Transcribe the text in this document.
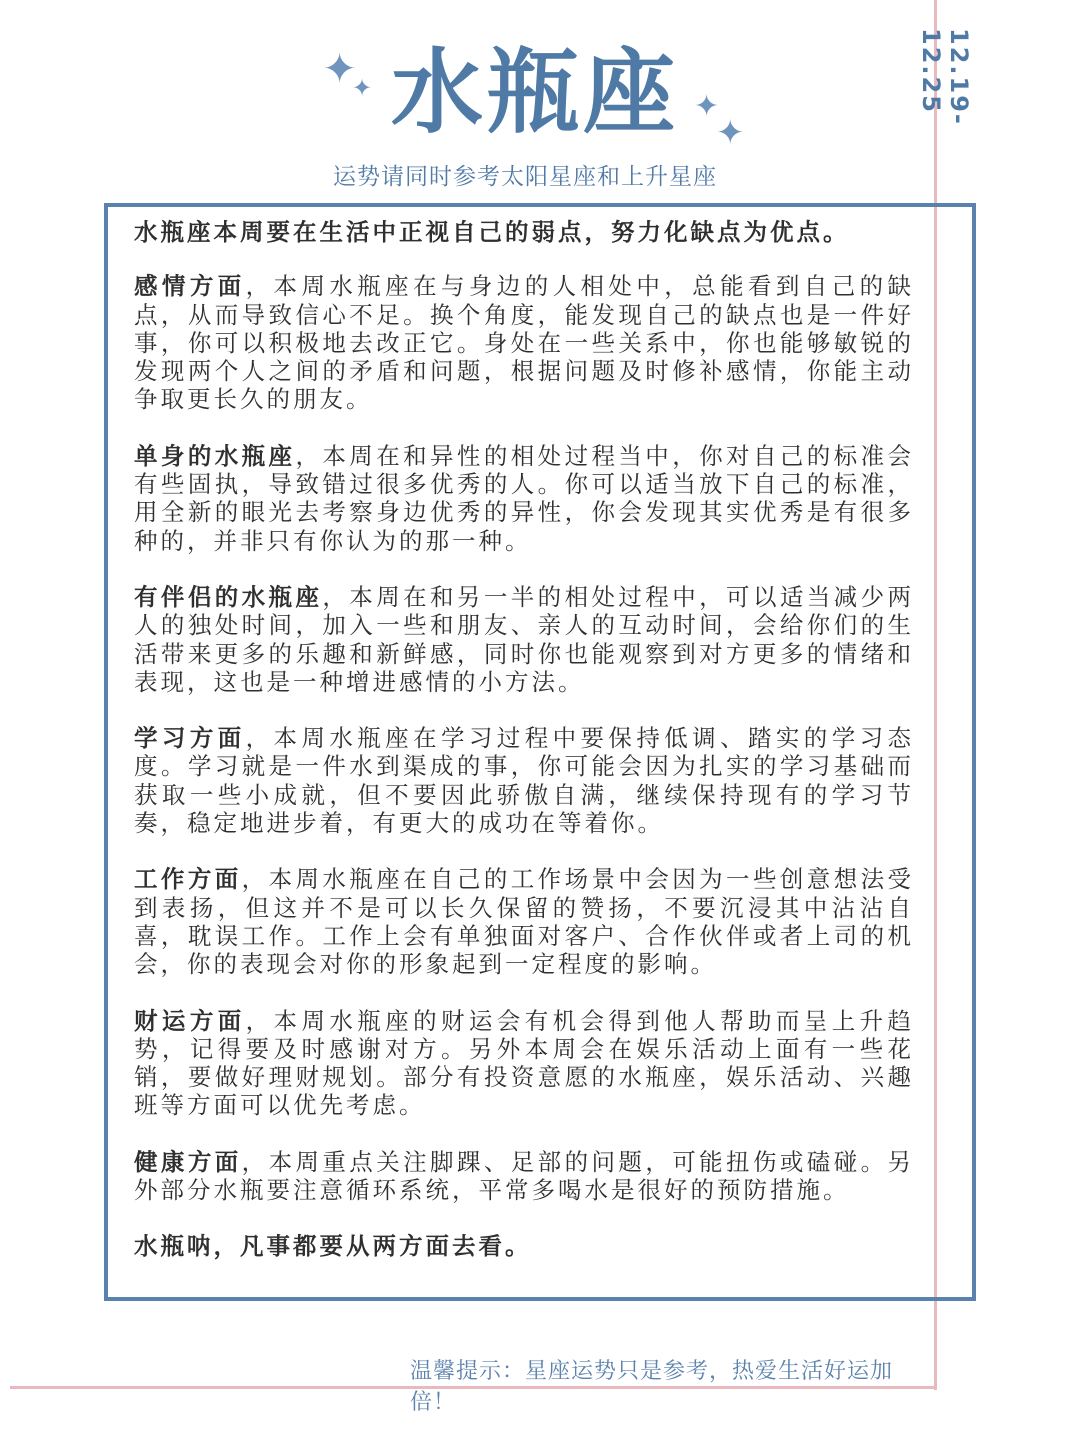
✦
✦
✦
✦
水瓶座
运势请同时参考太阳星座和上升星座
12.19-12.25

水瓶座本周要在生活中正视自己的弱点，努力化缺点为优点。

感情方面，本周水瓶座在与身边的人相处中，总能看到自己的缺点，从而导致信心不足。换个角度，能发现自己的缺点也是一件好事，你可以积极地去改正它。身处在一些关系中，你也能够敏锐的发现两个人之间的矛盾和问题，根据问题及时修补感情，你能主动争取更长久的朋友。

单身的水瓶座，本周在和异性的相处过程当中，你对自己的标准会有些固执，导致错过很多优秀的人。你可以适当放下自己的标准，用全新的眼光去考察身边优秀的异性，你会发现其实优秀是有很多种的，并非只有你认为的那一种。

有伴侣的水瓶座，本周在和另一半的相处过程中，可以适当减少两人的独处时间，加入一些和朋友、亲人的互动时间，会给你们的生活带来更多的乐趣和新鲜感，同时你也能观察到对方更多的情绪和表现，这也是一种增进感情的小方法。

学习方面，本周水瓶座在学习过程中要保持低调、踏实的学习态度。学习就是一件水到渠成的事，你可能会因为扎实的学习基础而获取一些小成就，但不要因此骄傲自满，继续保持现有的学习节奏，稳定地进步着，有更大的成功在等着你。

工作方面，本周水瓶座在自己的工作场景中会因为一些创意想法受到表扬，但这并不是可以长久保留的赞扬，不要沉浸其中沾沾自喜，耽误工作。工作上会有单独面对客户、合作伙伴或者上司的机会，你的表现会对你的形象起到一定程度的影响。

财运方面，本周水瓶座的财运会有机会得到他人帮助而呈上升趋势，记得要及时感谢对方。另外本周会在娱乐活动上面有一些花销，要做好理财规划。部分有投资意愿的水瓶座，娱乐活动、兴趣班等方面可以优先考虑。

健康方面，本周重点关注脚踝、足部的问题，可能扭伤或磕碰。另外部分水瓶要注意循环系统，平常多喝水是很好的预防措施。

水瓶呐，凡事都要从两方面去看。

温馨提示：星座运势只是参考，热爱生活好运加倍！
